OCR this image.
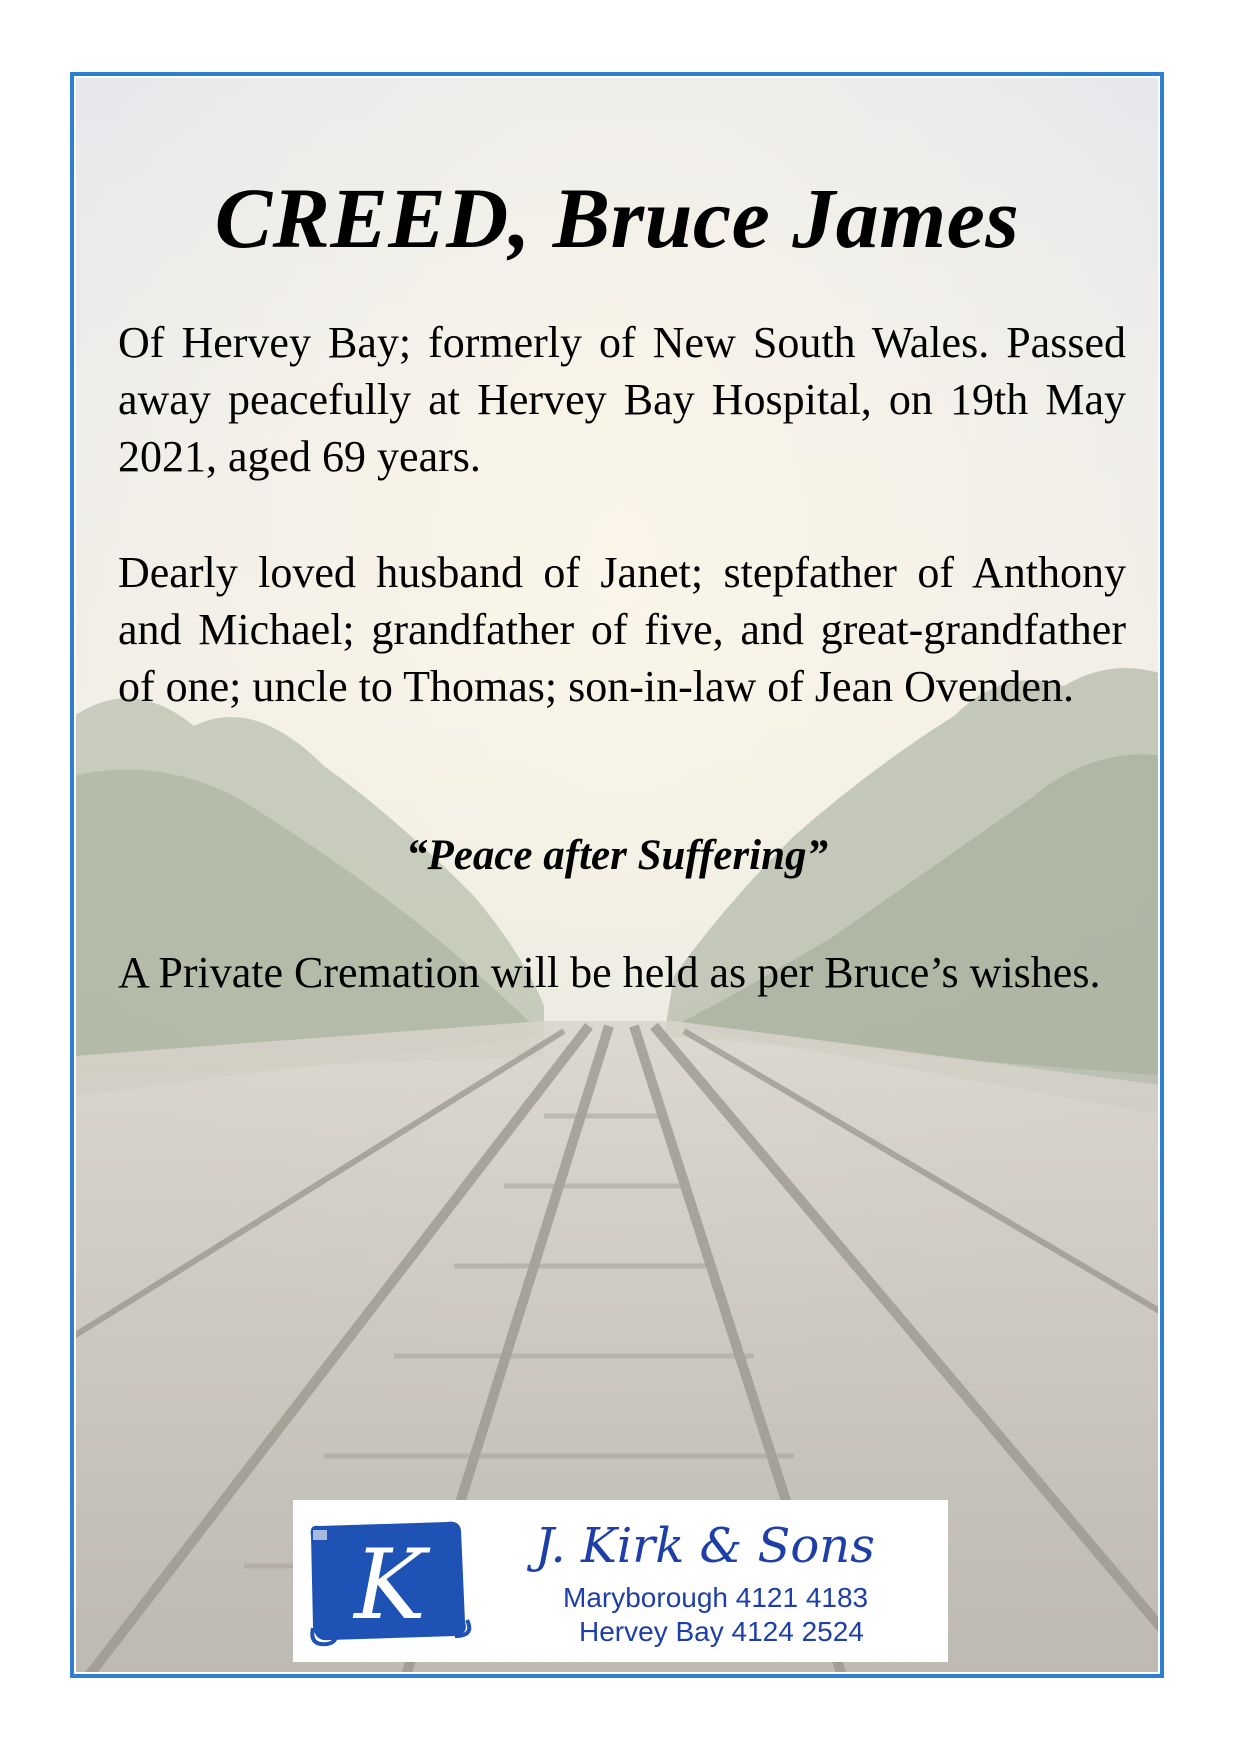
CREED, Bruce James

Of Hervey Bay; formerly of New South Wales. Passed away peacefully at Hervey Bay Hospital, on 19th May 2021, aged 69 years.

Dearly loved husband of Janet; stepfather of Anthony and Michael; grandfather of five, and great-grandfather of one; uncle to Thomas; son-in-law of Jean Ovenden.

“Peace after Suffering”

A Private Cremation will be held as per Bruce’s wishes.

K J. Kirk & Sons
Maryborough 4121 4183
Hervey Bay 4124 2524
